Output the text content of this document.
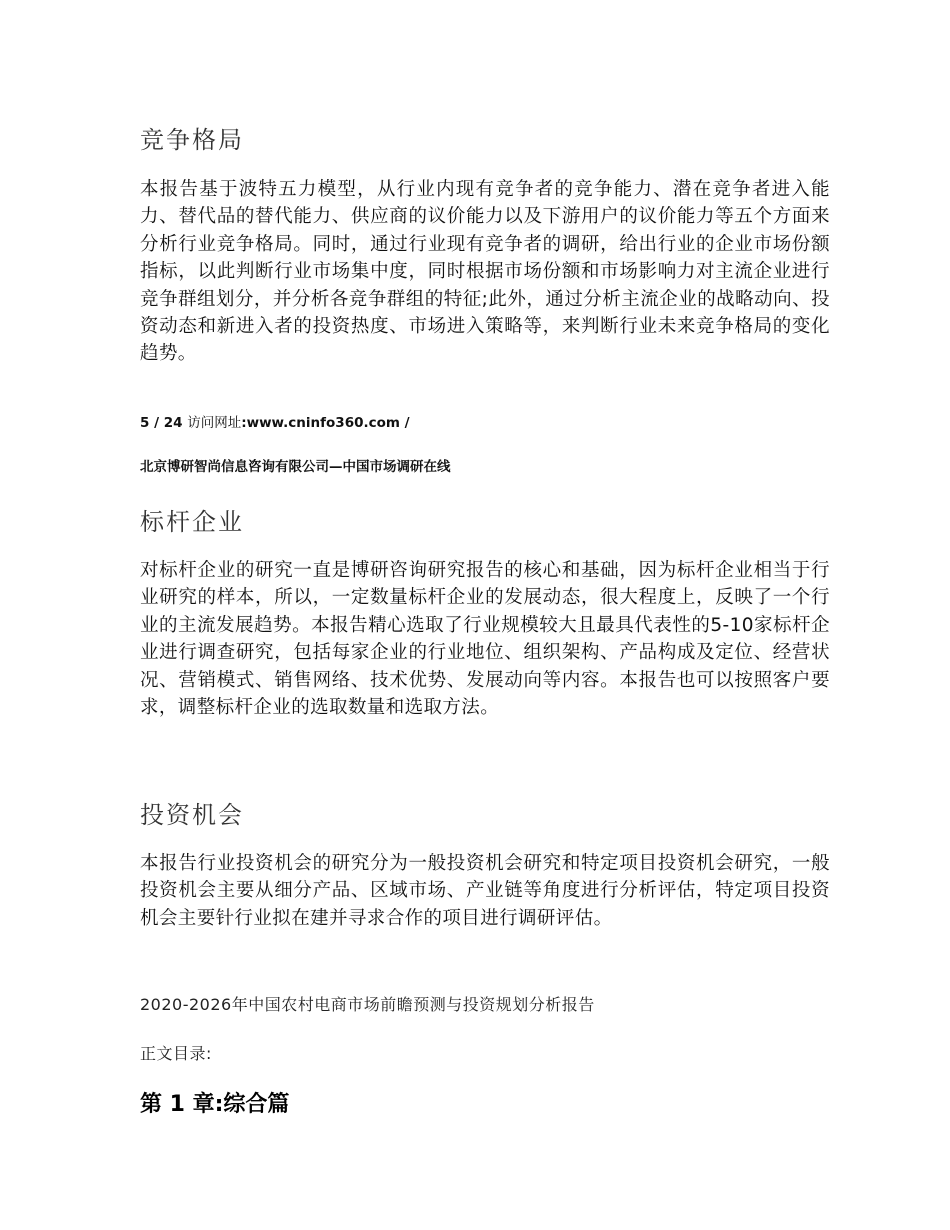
竞争格局

本报告基于波特五力模型，从行业内现有竞争者的竞争能力、潜在竞争者进入能力、替代品的替代能力、供应商的议价能力以及下游用户的议价能力等五个方面来分析行业竞争格局。同时，通过行业现有竞争者的调研，给出行业的企业市场份额指标，以此判断行业市场集中度，同时根据市场份额和市场影响力对主流企业进行竞争群组划分，并分析各竞争群组的特征;此外，通过分析主流企业的战略动向、投资动态和新进入者的投资热度、市场进入策略等，来判断行业未来竞争格局的变化趋势。

5 / 24 访问网址:www.cninfo360.com /

北京博研智尚信息咨询有限公司—中国市场调研在线

标杆企业

对标杆企业的研究一直是博研咨询研究报告的核心和基础，因为标杆企业相当于行业研究的样本，所以，一定数量标杆企业的发展动态，很大程度上，反映了一个行业的主流发展趋势。本报告精心选取了行业规模较大且最具代表性的5-10家标杆企业进行调查研究，包括每家企业的行业地位、组织架构、产品构成及定位、经营状况、营销模式、销售网络、技术优势、发展动向等内容。本报告也可以按照客户要求，调整标杆企业的选取数量和选取方法。

投资机会

本报告行业投资机会的研究分为一般投资机会研究和特定项目投资机会研究，一般投资机会主要从细分产品、区域市场、产业链等角度进行分析评估，特定项目投资机会主要针行业拟在建并寻求合作的项目进行调研评估。

2020-2026年中国农村电商市场前瞻预测与投资规划分析报告

正文目录:

第 1 章:综合篇
